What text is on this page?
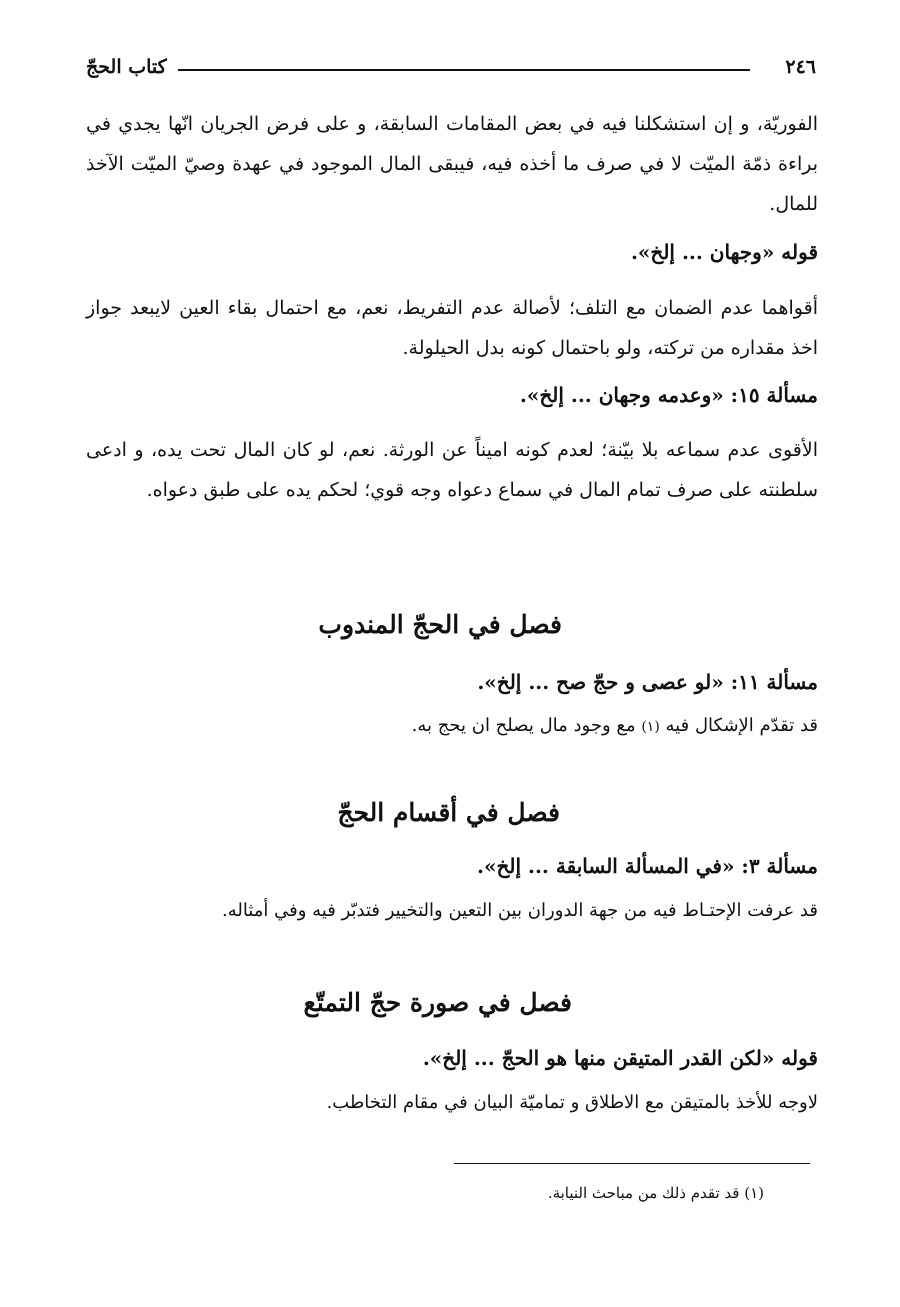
٢٤٦
كتاب الحجّ

الفوريّة، و إن استشكلنا فيه في بعض المقامات السابقة، و على فرض الجريان انّها يجدي في براءة ذمّة الميّت لا في صرف ما أخذه فيه، فيبقى المال الموجود في عهدة وصيّ الميّت الآخذ للمال.

قوله «وجهان ... إلخ».

أقواهما عدم الضمان مع التلف؛ لأصالة عدم التفريط، نعم، مع احتمال بقاء العين لايبعد جواز اخذ مقداره من تركته، ولو باحتمال كونه بدل الحيلولة.

مسألة ١٥: «وعدمه وجهان ... إلخ».

الأقوى عدم سماعه بلا بيّنة؛ لعدم كونه اميناً عن الورثة. نعم، لو كان المال تحت يده، و ادعى سلطنته على صرف تمام المال في سماع دعواه وجه قوي؛ لحكم يده على طبق دعواه.

فصل في الحجّ المندوب

مسألة ١١: «لو عصى و حجّ صح ... إلخ».

قد تقدّم الإشكال فيه (١) مع وجود مال يصلح ان يحج به.

فصل في أقسام الحجّ

مسألة ٣: «في المسألة السابقة ... إلخ».

قد عرفت الإحتـاط فيه من جهة الدوران بين التعين والتخيير فتدبّر فيه وفي أمثاله.

فصل في صورة حجّ التمتّع

قوله «لكن القدر المتيقن منها هو الحجّ ... إلخ».

لاوجه للأخذ بالمتيقن مع الاطلاق و تماميّة البيان في مقام التخاطب.

(١) قد تقدم ذلك من مباحث النيابة.
